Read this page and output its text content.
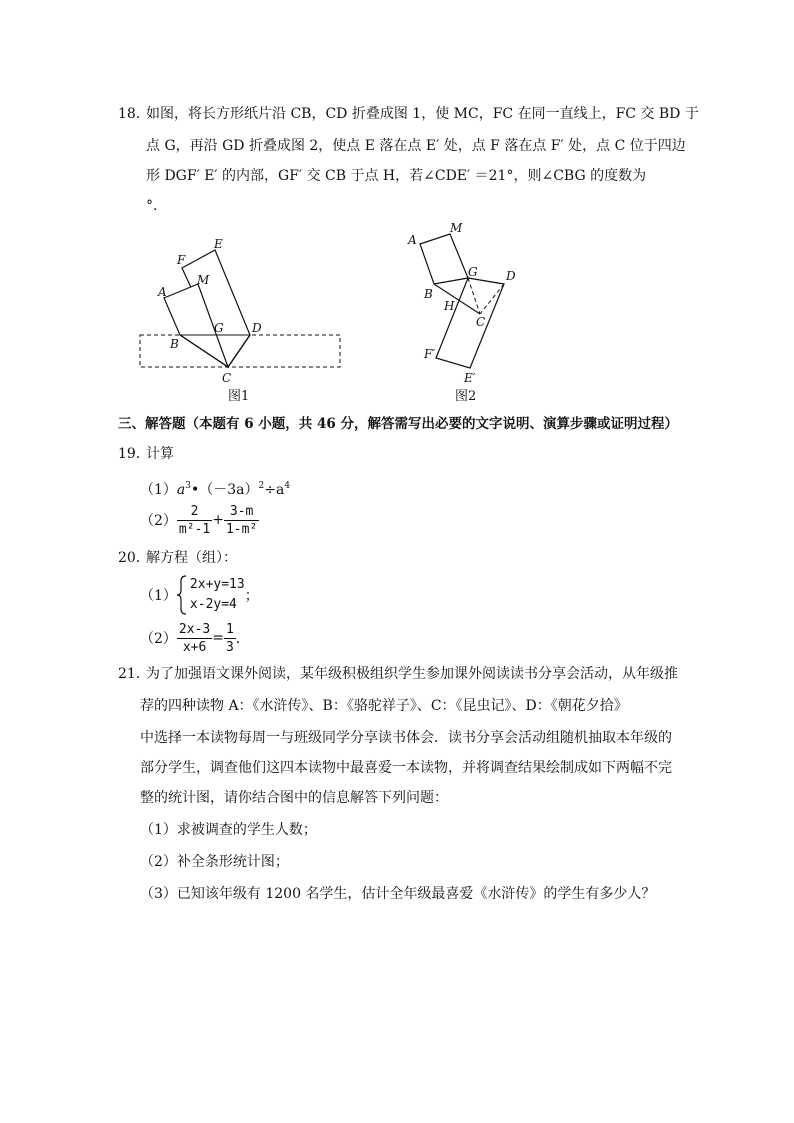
18．
如图，将长方形纸片沿 CB，CD 折叠成图 1，使 MC，FC 在同一直线上，FC 交 BD 于
点 G，再沿 GD 折叠成图 2，使点 E 落在点 E′ 处，点 F 落在点 F′ 处，点 C 位于四边
形 DGF′ E′ 的内部，GF′ 交 CB 于点 H，若∠CDE′ ＝21°，则∠CBG 的度数为
°．
E
F
M
A
G D
B
C
图1
A
M
G D
B
H
C
F′
E′
图2
三、解答题（本题有 6 小题，共 46 分，解答需写出必要的文字说明、演算步骤或证明过程）
19．
计算
$(1)a^3•(-3a)^2\div a^4$
$(2) \frac{2}{\text{m²-1}} + \frac{3-m}{\text{1-m²}}$
20．
解方程（组）：
（1）
2x+y=13
x-2y=4
；
$(2) \frac{2x-3}{x+6} = \frac{1}{3}$ ．
21．
为了加强语文课外阅读，某年级积极组织学生参加课外阅读读书分享会活动，从年级推
荐的四种读物 A：《水浒传》、B：《骆驼祥子》、C：《昆虫记》、D：《朝花夕拾》
中选择一本读物每周一与班级同学分享读书体会．读书分享会活动组随机抽取本年级的
部分学生，调查他们这四本读物中最喜爱一本读物，并将调查结果绘制成如下两幅不完
整的统计图，请你结合图中的信息解答下列问题：
（1）求被调查的学生人数；
（2）补全条形统计图；
（3）已知该年级有 1200 名学生，估计全年级最喜爱《水浒传》的学生有多少人？
